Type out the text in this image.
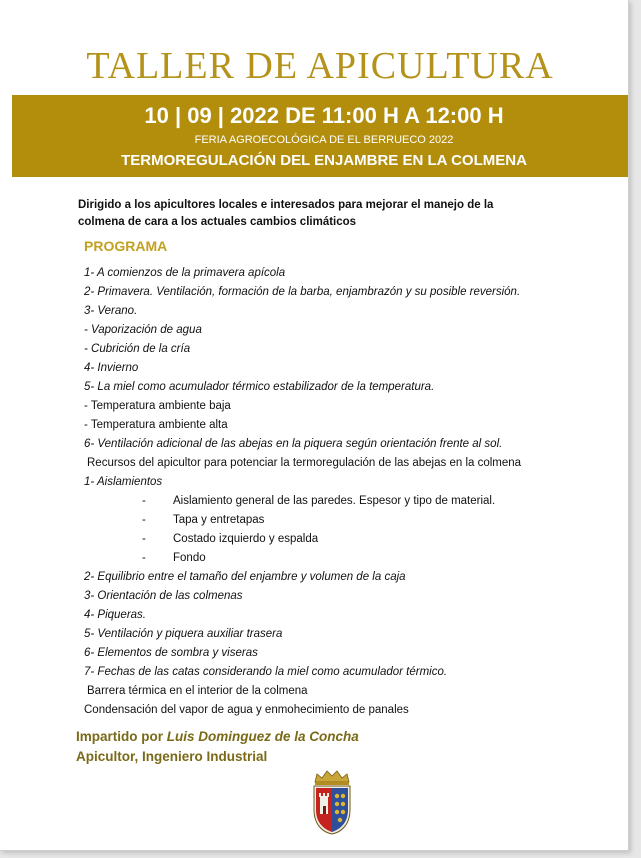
TALLER DE APICULTURA
10 | 09 | 2022 DE 11:00 H A 12:00 H
FERIA AGROECOLÓGICA DE EL BERRUECO 2022
TERMOREGULACIÓN DEL ENJAMBRE EN LA COLMENA
Dirigido a los apicultores locales e interesados para mejorar el manejo de la
colmena de cara a los actuales cambios climáticos
PROGRAMA
1- A comienzos de la primavera apícola
2- Primavera. Ventilación, formación de la barba, enjambrazón y su posible reversión.
3- Verano.
- Vaporización de agua
- Cubrición de la cría
4- Invierno
5- La miel como acumulador térmico estabilizador de la temperatura.
- Temperatura ambiente baja
- Temperatura ambiente alta
6- Ventilación adicional de las abejas en la piquera según orientación frente al sol.
Recursos del apicultor para potenciar la termoregulación de las abejas en la colmena
1- Aislamientos
- Aislamiento general de las paredes. Espesor y tipo de material.
- Tapa y entretapas
- Costado izquierdo y espalda
- Fondo
2- Equilibrio entre el tamaño del enjambre y volumen de la caja
3- Orientación de las colmenas
4- Piqueras.
5- Ventilación y piquera auxiliar trasera
6- Elementos de sombra y viseras
7- Fechas de las catas considerando la miel como acumulador térmico.
Barrera térmica en el interior de la colmena
Condensación del vapor de agua y enmohecimiento de panales
Impartido por Luis Dominguez de la Concha
Apicultor, Ingeniero Industrial
